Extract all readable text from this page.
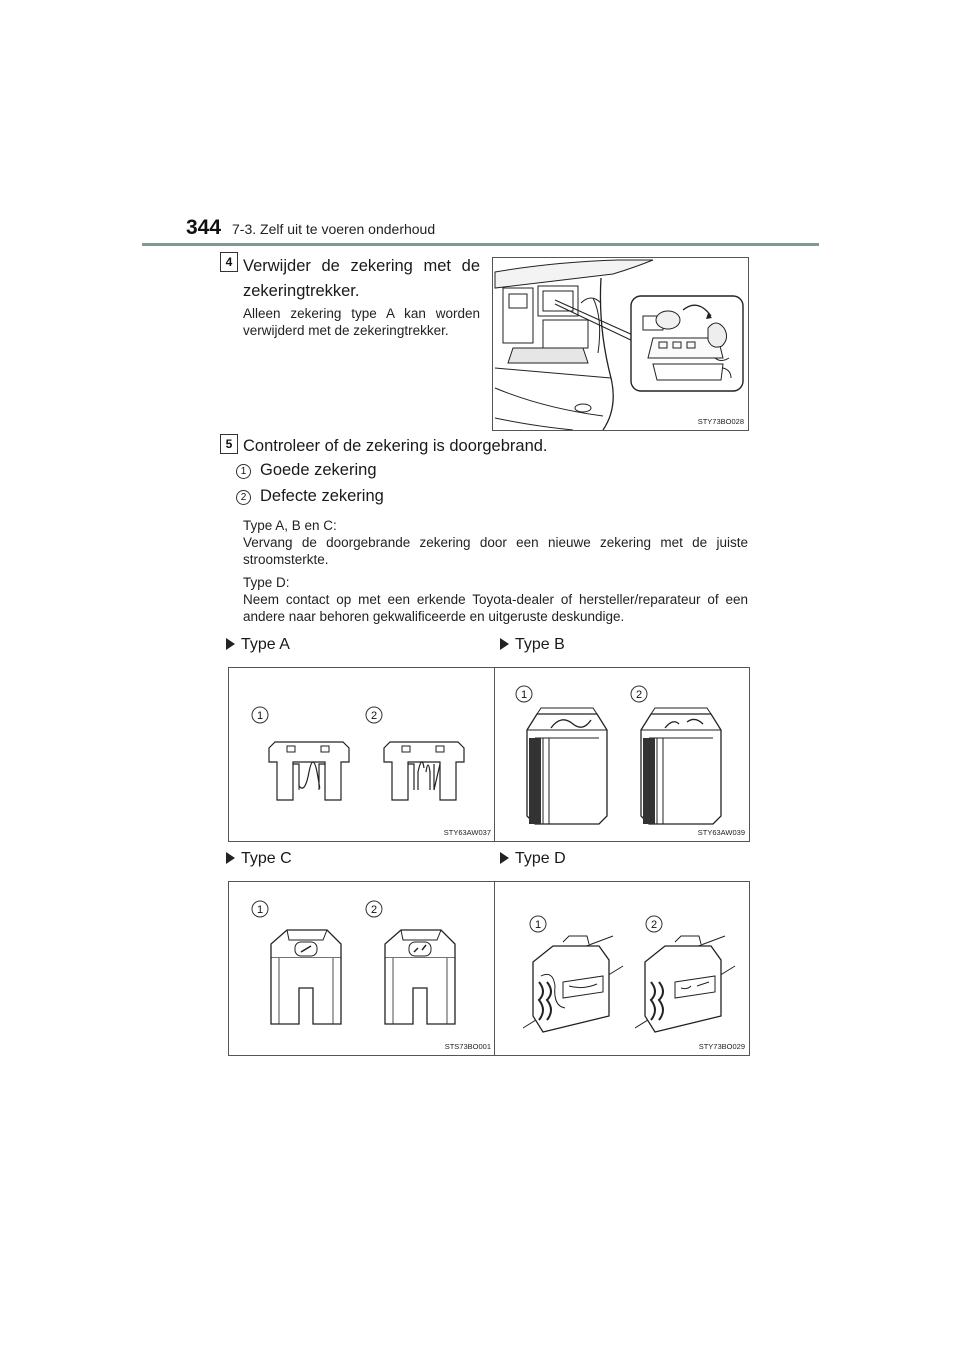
344 7-3. Zelf uit te voeren onderhoud
4 Verwijder de zekering met de zekeringtrekker.
Alleen zekering type A kan worden verwijderd met de zekeringtrekker.
STY73BO028
5 Controleer of de zekering is doorgebrand.
1 Goede zekering
2 Defecte zekering
Type A, B en C:
Vervang de doorgebrande zekering door een nieuwe zekering met de juiste stroomsterkte.
Type D:
Neem contact op met een erkende Toyota-dealer of hersteller/reparateur of een andere naar behoren gekwalificeerde en uitgeruste deskundige.
Type A	Type B
Type C	Type D
1	2
STY63AW037
1	2
STY63AW039
1	2
STS73BO001
1	2
STY73BO029
